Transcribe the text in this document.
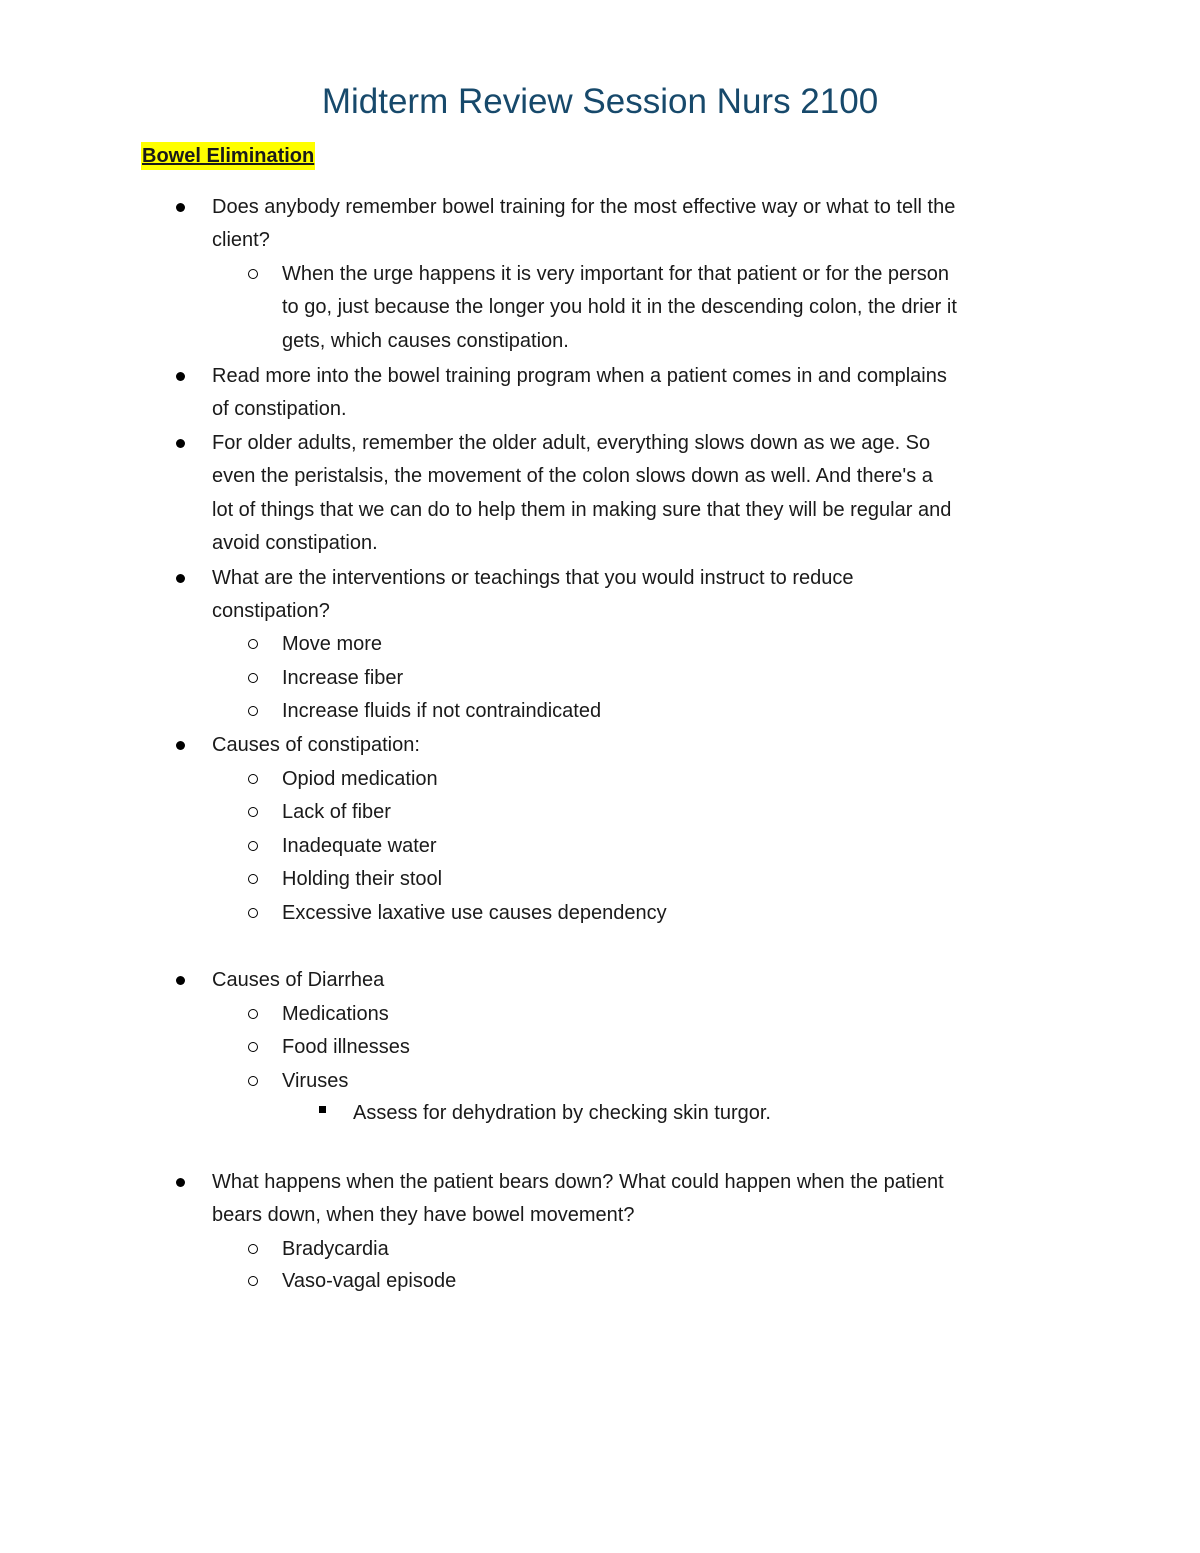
Midterm Review Session Nurs 2100
Bowel Elimination

Does anybody remember bowel training for the most effective way or what to tell the

client?

When the urge happens it is very important for that patient or for the person

to go, just because the longer you hold it in the descending colon, the drier it

gets, which causes constipation.

Read more into the bowel training program when a patient comes in and complains

of constipation.

For older adults, remember the older adult, everything slows down as we age. So

even the peristalsis, the movement of the colon slows down as well. And there's a

lot of things that we can do to help them in making sure that they will be regular and

avoid constipation.

What are the interventions or teachings that you would instruct to reduce

constipation?

Move more

Increase fiber

Increase fluids if not contraindicated

Causes of constipation:

Opiod medication

Lack of fiber

Inadequate water

Holding their stool

Excessive laxative use causes dependency

Causes of Diarrhea

Medications

Food illnesses

Viruses

Assess for dehydration by checking skin turgor.

What happens when the patient bears down? What could happen when the patient

bears down, when they have bowel movement?

Bradycardia

Vaso-vagal episode
